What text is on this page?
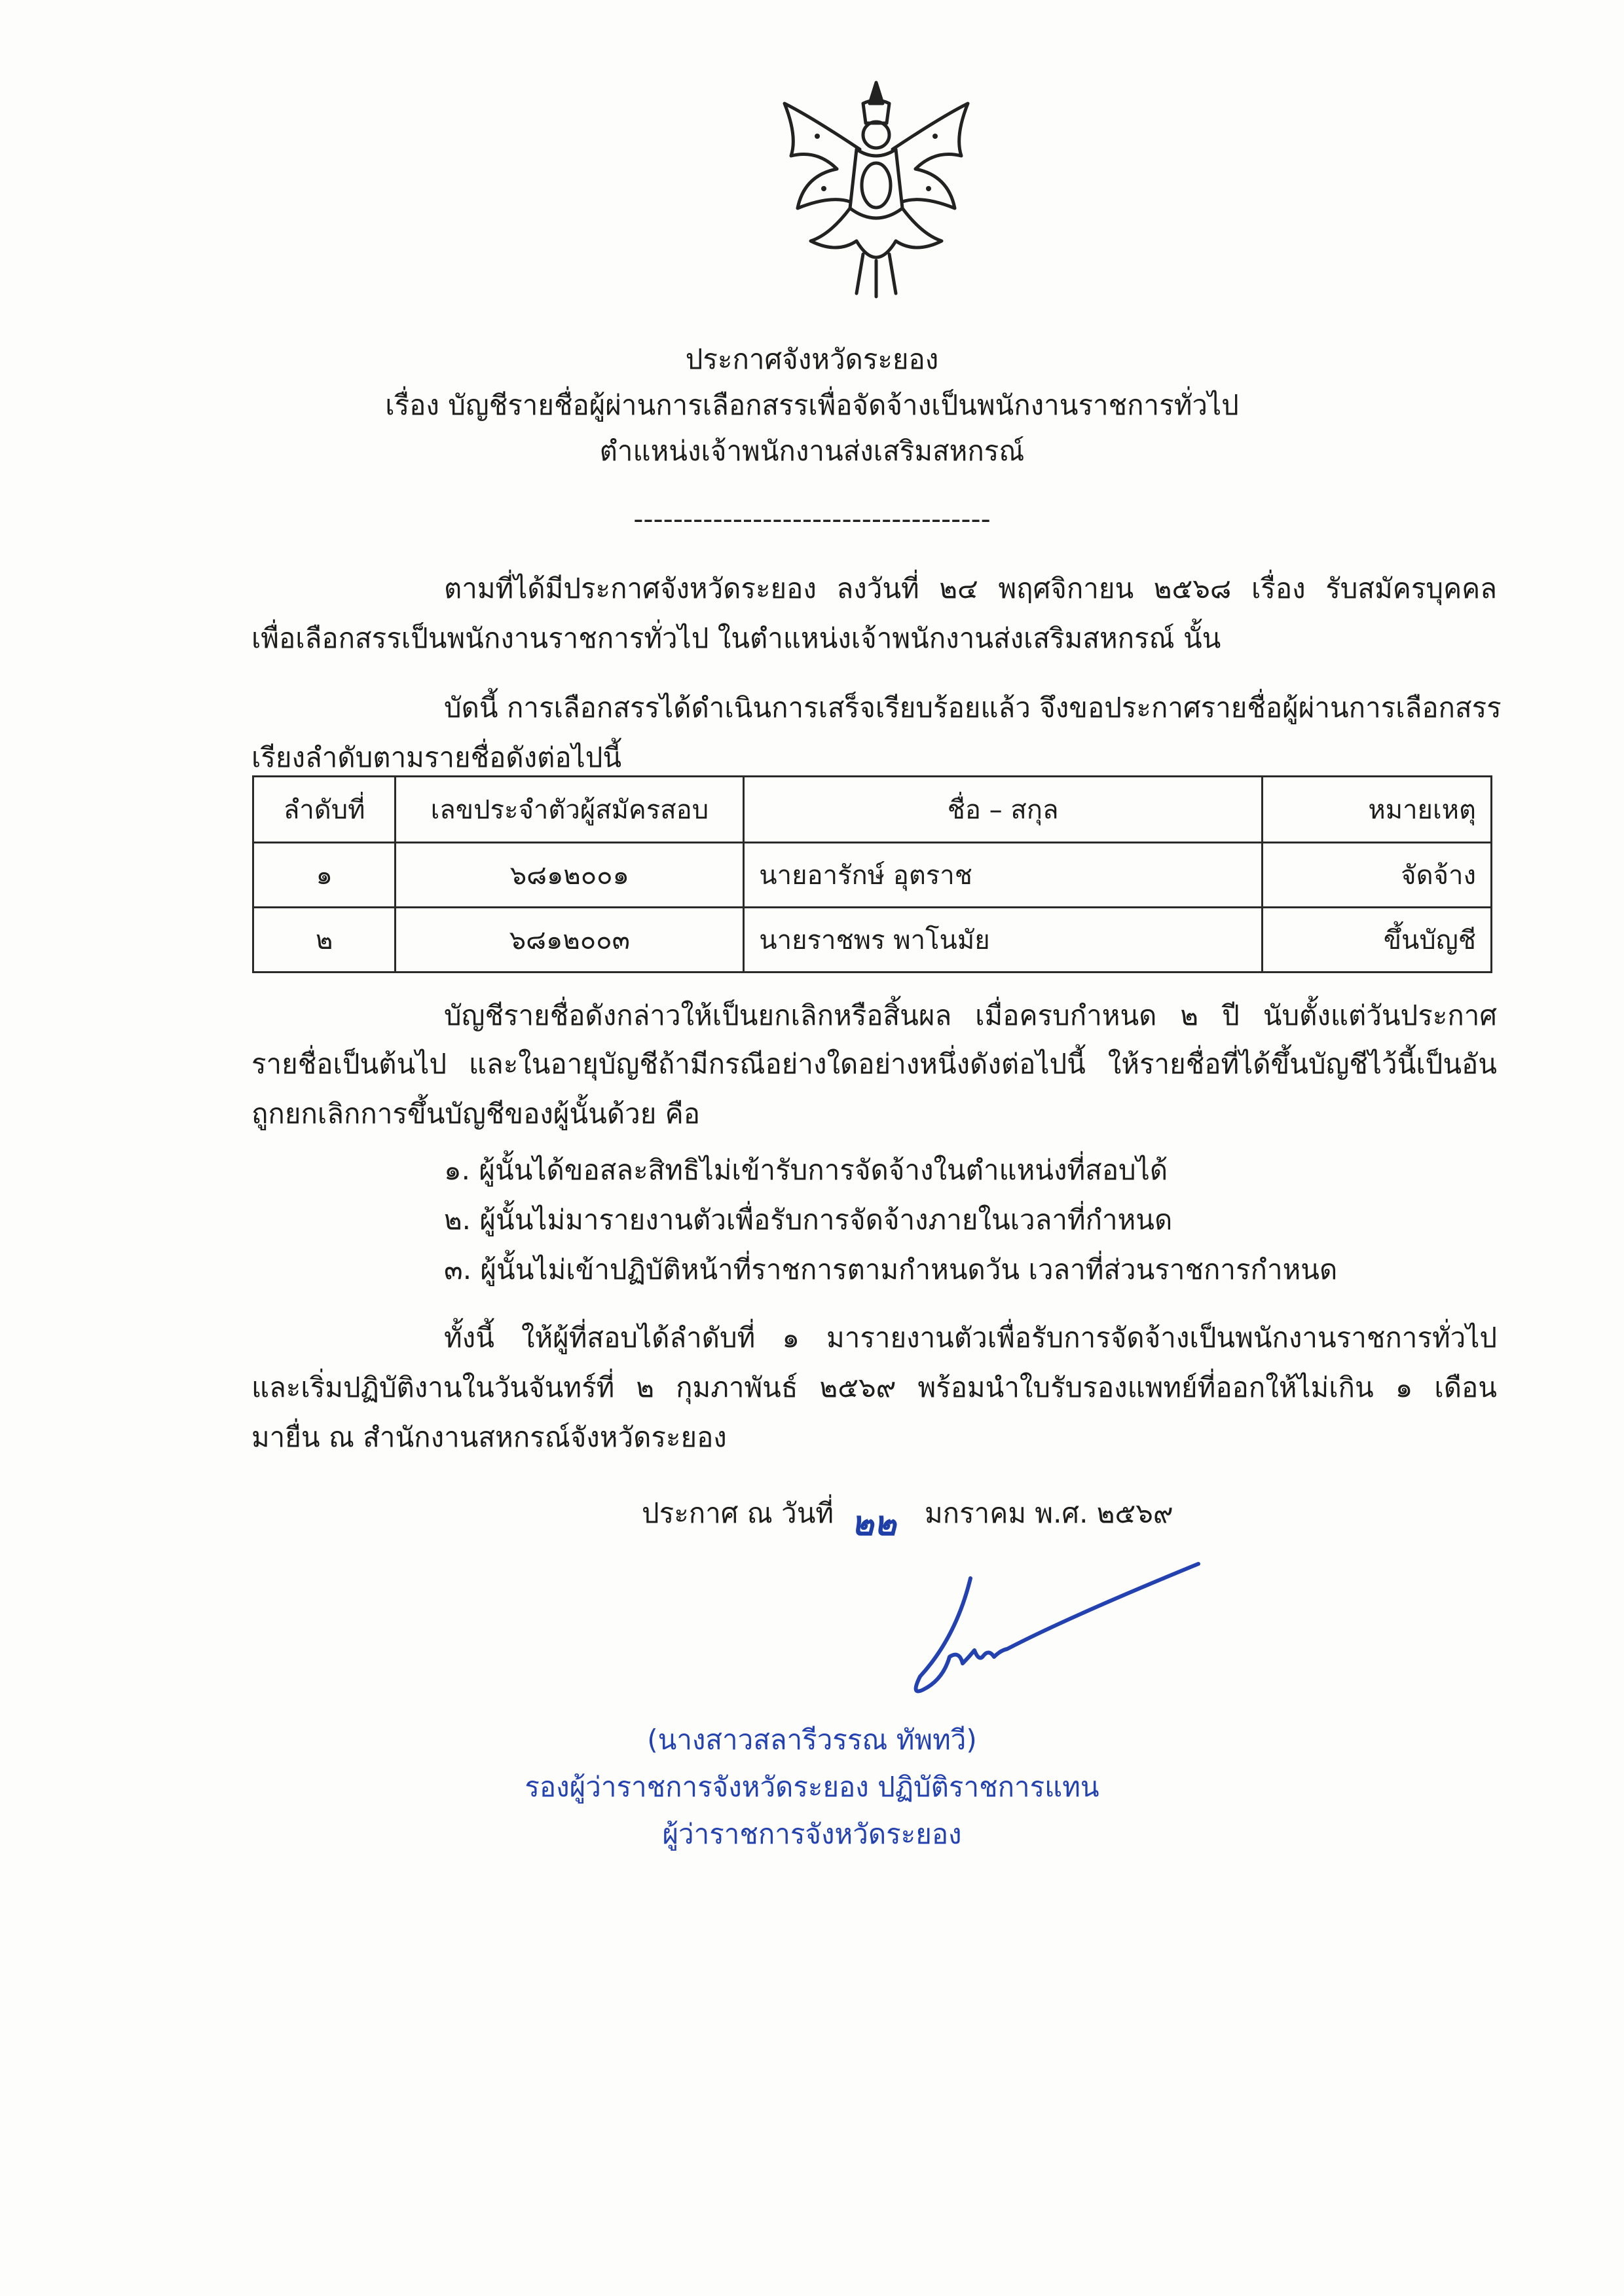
ประกาศจังหวัดระยอง
เรื่อง บัญชีรายชื่อผู้ผ่านการเลือกสรรเพื่อจัดจ้างเป็นพนักงานราชการทั่วไป
ตำแหน่งเจ้าพนักงานส่งเสริมสหกรณ์
------------------------------------
ตามที่ได้มีประกาศจังหวัดระยอง ลงวันที่ ๒๔ พฤศจิกายน ๒๕๖๘ เรื่อง รับสมัครบุคคล
เพื่อเลือกสรรเป็นพนักงานราชการทั่วไป ในตำแหน่งเจ้าพนักงานส่งเสริมสหกรณ์ นั้น
บัดนี้ การเลือกสรรได้ดำเนินการเสร็จเรียบร้อยแล้ว จึงขอประกาศรายชื่อผู้ผ่านการเลือกสรร
เรียงลำดับตามรายชื่อดังต่อไปนี้
ลำดับที่	เลขประจำตัวผู้สมัครสอบ	ชื่อ – สกุล	หมายเหตุ
๑	๖๘๑๒๐๐๑	นายอารักษ์ อุตราช	จัดจ้าง
๒	๖๘๑๒๐๐๓	นายราชพร พาโนมัย	ขึ้นบัญชี
บัญชีรายชื่อดังกล่าวให้เป็นยกเลิกหรือสิ้นผล เมื่อครบกำหนด ๒ ปี นับตั้งแต่วันประกาศ
รายชื่อเป็นต้นไป และในอายุบัญชีถ้ามีกรณีอย่างใดอย่างหนึ่งดังต่อไปนี้ ให้รายชื่อที่ได้ขึ้นบัญชีไว้นี้เป็นอัน
ถูกยกเลิกการขึ้นบัญชีของผู้นั้นด้วย คือ
๑. ผู้นั้นได้ขอสละสิทธิไม่เข้ารับการจัดจ้างในตำแหน่งที่สอบได้
๒. ผู้นั้นไม่มารายงานตัวเพื่อรับการจัดจ้างภายในเวลาที่กำหนด
๓. ผู้นั้นไม่เข้าปฏิบัติหน้าที่ราชการตามกำหนดวัน เวลาที่ส่วนราชการกำหนด
ทั้งนี้ ให้ผู้ที่สอบได้ลำดับที่ ๑ มารายงานตัวเพื่อรับการจัดจ้างเป็นพนักงานราชการทั่วไป
และเริ่มปฏิบัติงานในวันจันทร์ที่ ๒ กุมภาพันธ์ ๒๕๖๙ พร้อมนำใบรับรองแพทย์ที่ออกให้ไม่เกิน ๑ เดือน
มายื่น ณ สำนักงานสหกรณ์จังหวัดระยอง
ประกาศ ณ วันที่ ๒๒ มกราคม พ.ศ. ๒๕๖๙
(นางสาวสลารีวรรณ ทัพทวี)
รองผู้ว่าราชการจังหวัดระยอง ปฏิบัติราชการแทน
ผู้ว่าราชการจังหวัดระยอง
